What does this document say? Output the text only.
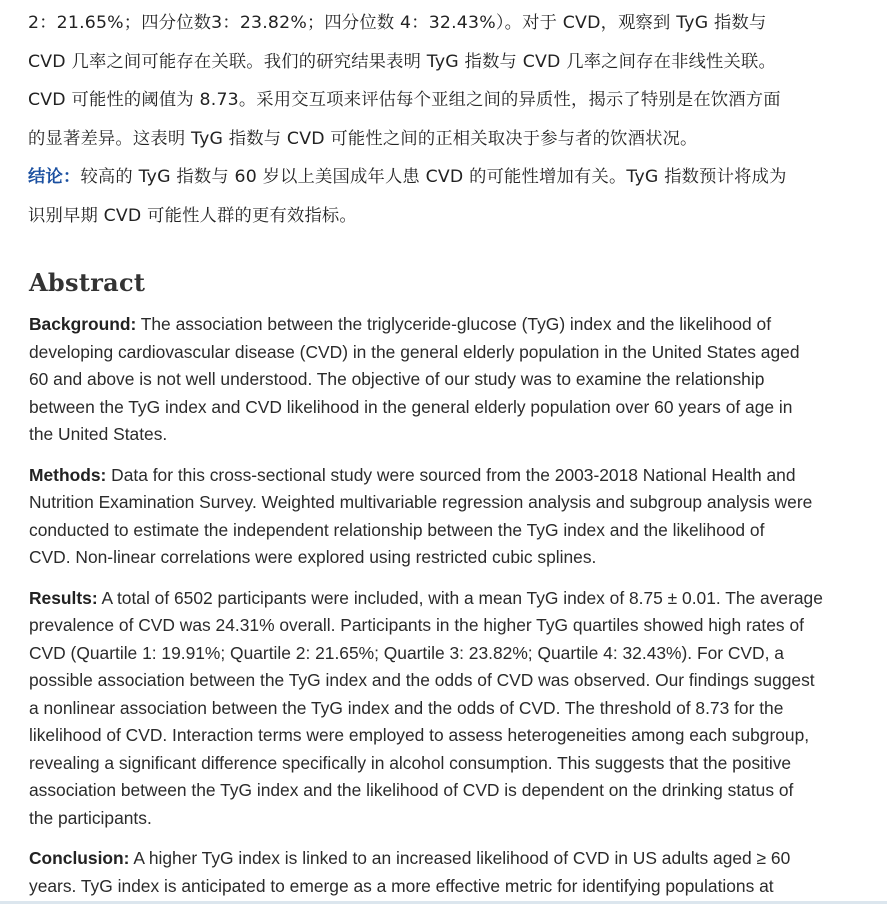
2：21.65%；四分位数3：23.82%；四分位数 4：32.43%）。对于 CVD，观察到 TyG 指数与
CVD 几率之间可能存在关联。我们的研究结果表明 TyG 指数与 CVD 几率之间存在非线性关联。
CVD 可能性的阈值为 8.73。采用交互项来评估每个亚组之间的异质性，揭示了特别是在饮酒方面
的显著差异。这表明 TyG 指数与 CVD 可能性之间的正相关取决于参与者的饮酒状况。
结论：较高的 TyG 指数与 60 岁以上美国成年人患 CVD 的可能性增加有关。TyG 指数预计将成为
识别早期 CVD 可能性人群的更有效指标。
Abstract

Background: The association between the triglyceride-glucose (TyG) index and the likelihood of
developing cardiovascular disease (CVD) in the general elderly population in the United States aged
60 and above is not well understood. The objective of our study was to examine the relationship
between the TyG index and CVD likelihood in the general elderly population over 60 years of age in
the United States.

Methods: Data for this cross-sectional study were sourced from the 2003-2018 National Health and
Nutrition Examination Survey. Weighted multivariable regression analysis and subgroup analysis were
conducted to estimate the independent relationship between the TyG index and the likelihood of
CVD. Non-linear correlations were explored using restricted cubic splines.

Results: A total of 6502 participants were included, with a mean TyG index of 8.75 ± 0.01. The average
prevalence of CVD was 24.31% overall. Participants in the higher TyG quartiles showed high rates of
CVD (Quartile 1: 19.91%; Quartile 2: 21.65%; Quartile 3: 23.82%; Quartile 4: 32.43%). For CVD, a
possible association between the TyG index and the odds of CVD was observed. Our findings suggest
a nonlinear association between the TyG index and the odds of CVD. The threshold of 8.73 for the
likelihood of CVD. Interaction terms were employed to assess heterogeneities among each subgroup,
revealing a significant difference specifically in alcohol consumption. This suggests that the positive
association between the TyG index and the likelihood of CVD is dependent on the drinking status of
the participants.

Conclusion: A higher TyG index is linked to an increased likelihood of CVD in US adults aged ≥ 60
years. TyG index is anticipated to emerge as a more effective metric for identifying populations at
